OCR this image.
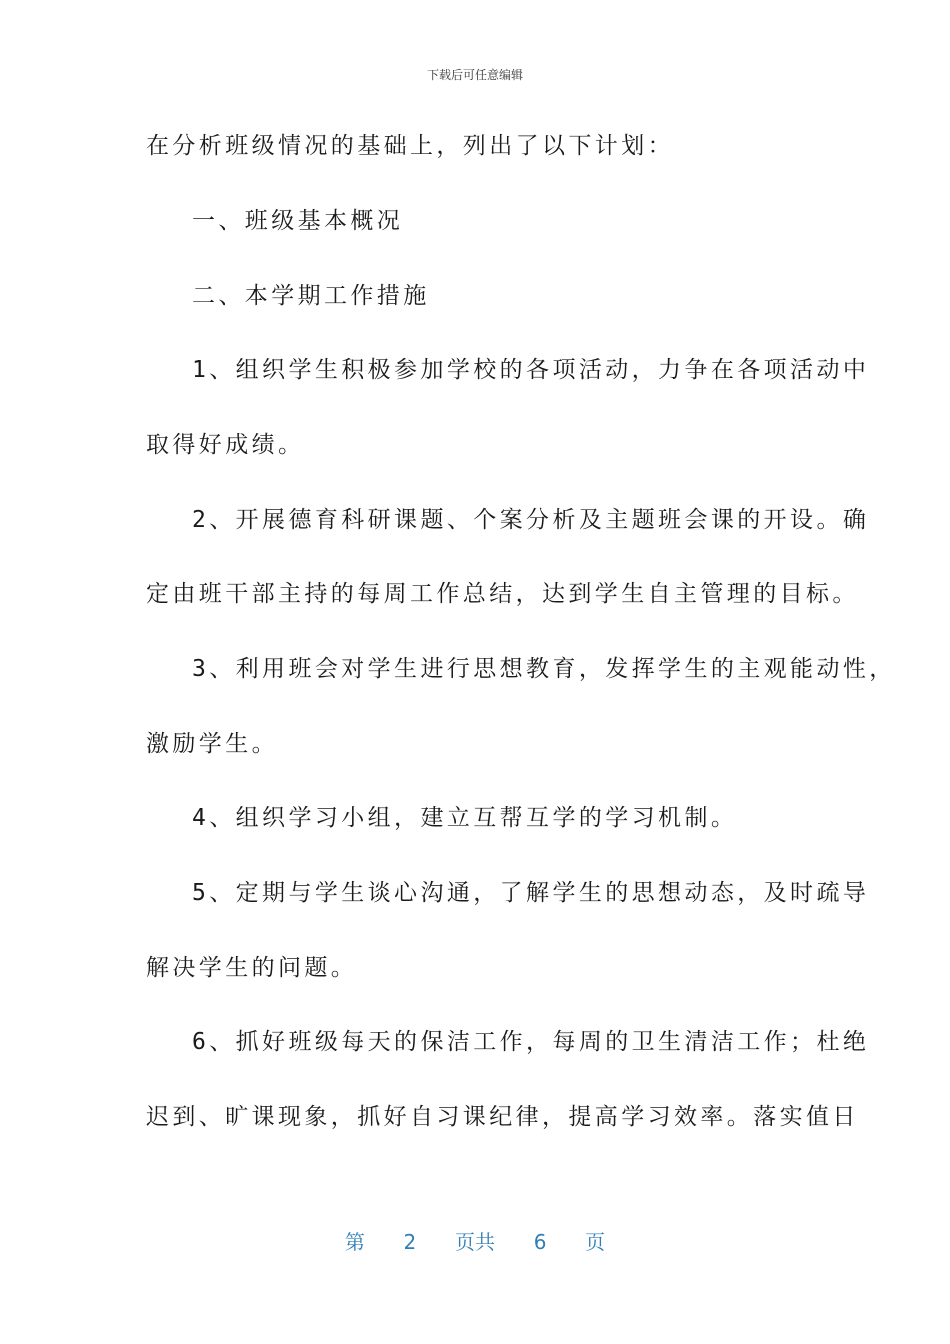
下载后可任意编辑
在分析班级情况的基础上，列出了以下计划：
一、班级基本概况
二、本学期工作措施
1、组织学生积极参加学校的各项活动，力争在各项活动中
取得好成绩。
2、开展德育科研课题、个案分析及主题班会课的开设。确
定由班干部主持的每周工作总结，达到学生自主管理的目标。
3、利用班会对学生进行思想教育，发挥学生的主观能动性，
激励学生。
4、组织学习小组，建立互帮互学的学习机制。
5、定期与学生谈心沟通，了解学生的思想动态，及时疏导
解决学生的问题。
6、抓好班级每天的保洁工作，每周的卫生清洁工作；杜绝
迟到、旷课现象，抓好自习课纪律，提高学习效率。落实值日
第 2 页共 6 页
